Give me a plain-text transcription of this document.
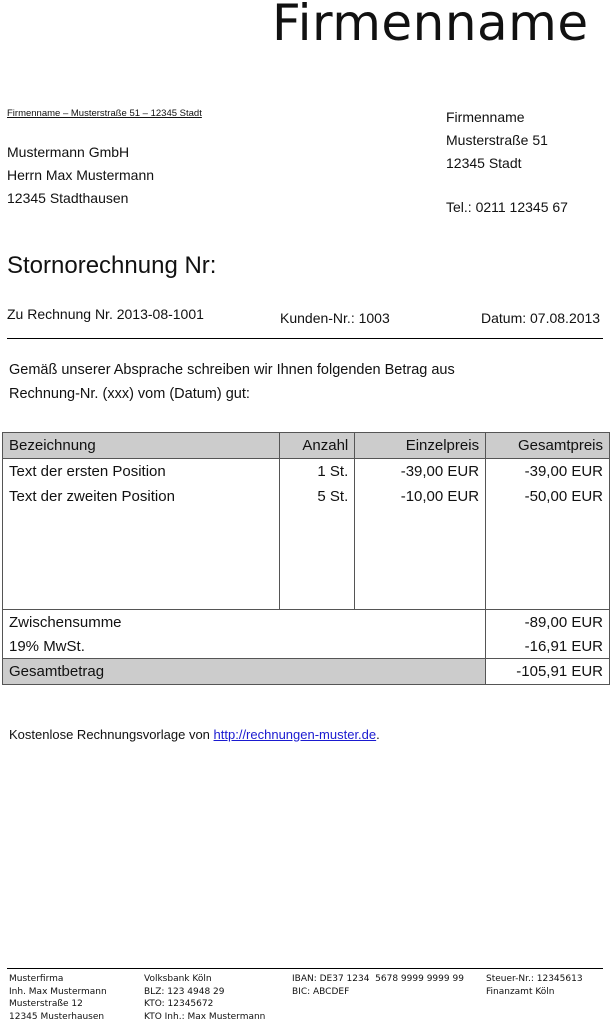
Firmenname
Firmenname – Musterstraße 51 – 12345 Stadt
Mustermann GmbH
Herrn Max Mustermann
12345 Stadthausen
Firmenname
Musterstraße 51
12345 Stadt
Tel.: 0211 12345 67
Stornorechnung Nr:
Zu Rechnung Nr. 2013-08-1001	Kunden-Nr.: 1003	Datum: 07.08.2013
Gemäß unserer Absprache schreiben wir Ihnen folgenden Betrag aus
Rechnung-Nr. (xxx) vom (Datum) gut:
Bezeichnung	Anzahl	Einzelpreis	Gesamtpreis
Text der ersten Position	1 St.	-39,00 EUR	-39,00 EUR
Text der zweiten Position	5 St.	-10,00 EUR	-50,00 EUR

Zwischensumme			-89,00 EUR
19% MwSt.			-16,91 EUR
Gesamtbetrag			-105,91 EUR
Kostenlose Rechnungsvorlage von http://rechnungen-muster.de.
Musterfirma
Inh. Max Mustermann
Musterstraße 12
12345 Musterhausen
Volksbank Köln
BLZ: 123 4948 29
KTO: 12345672
KTO Inh.: Max Mustermann
IBAN: DE37 1234  5678 9999 9999 99
BIC: ABCDEF
Steuer-Nr.: 12345613
Finanzamt Köln
